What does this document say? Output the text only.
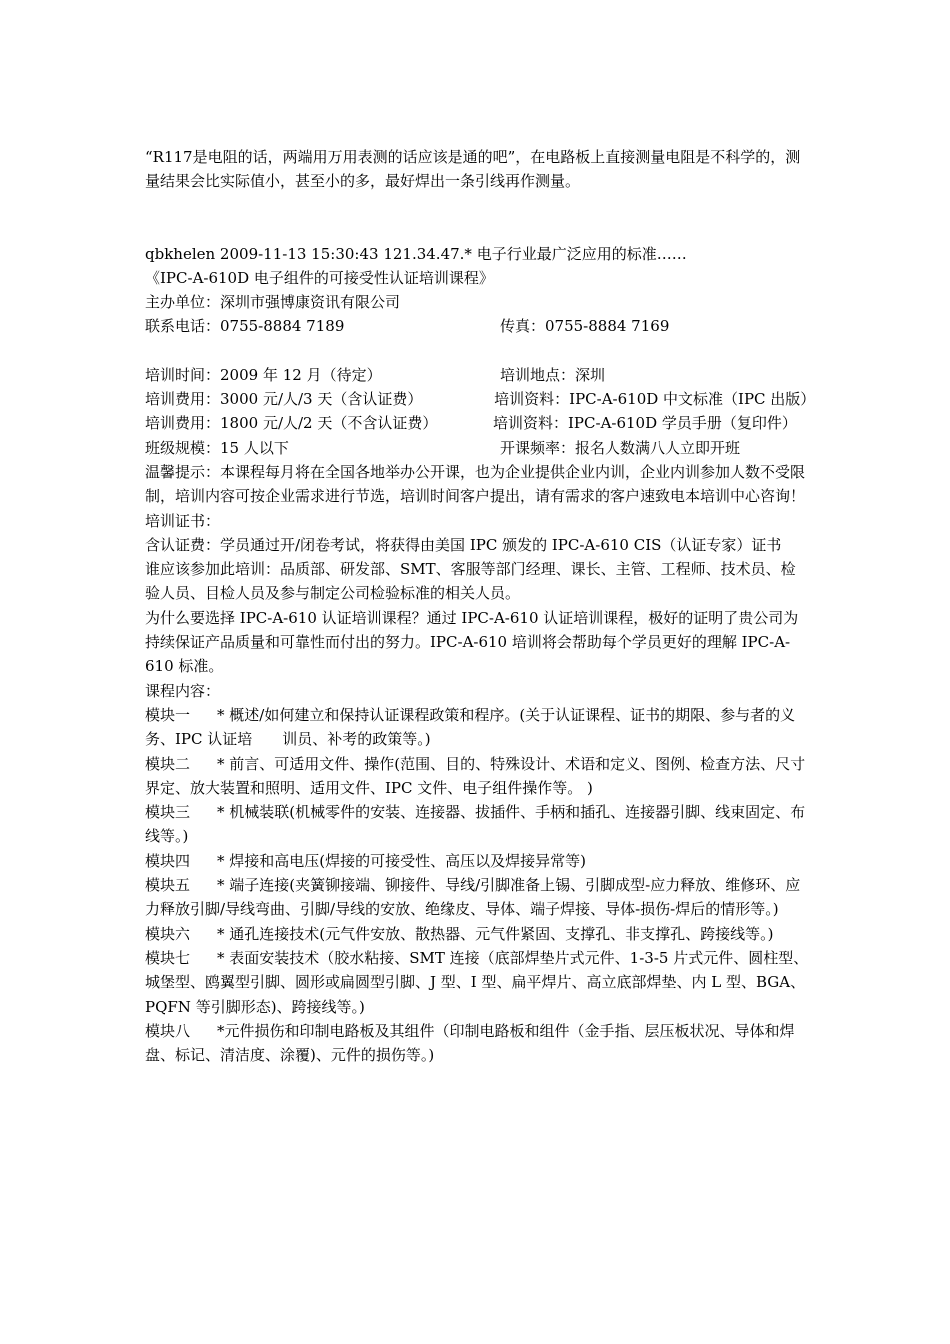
“R117是电阻的话，两端用万用表测的话应该是通的吧”，在电路板上直接测量电阻是不科学的，测量结果会比实际值小，甚至小的多，最好焊出一条引线再作测量。

qbkhelen 2009-11-13 15:30:43 121.34.47.* 电子行业最广泛应用的标准……

《IPC-A-610D 电子组件的可接受性认证培训课程》

主办单位：深圳市强博康资讯有限公司

联系电话：0755-8884 7189	传真：0755-8884 7169
培训时间：2009 年 12 月（待定）	培训地点：深圳
培训费用：3000 元/人/3 天（含认证费）	培训资料：IPC-A-610D 中文标准（IPC 出版）
培训费用：1800 元/人/2 天（不含认证费）	培训资料：IPC-A-610D 学员手册（复印件）
班级规模：15 人以下	开课频率：报名人数满八人立即开班

温馨提示：本课程每月将在全国各地举办公开课，也为企业提供企业内训，企业内训参加人数不受限制，培训内容可按企业需求进行节选，培训时间客户提出，请有需求的客户速致电本培训中心咨询！

培训证书：

含认证费：学员通过开/闭卷考试，将获得由美国 IPC 颁发的 IPC-A-610 CIS（认证专家）证书

谁应该参加此培训：品质部、研发部、SMT、客服等部门经理、课长、主管、工程师、技术员、检验人员、目检人员及参与制定公司检验标准的相关人员。

为什么要选择 IPC-A-610 认证培训课程？通过 IPC-A-610 认证培训课程，极好的证明了贵公司为持续保证产品质量和可靠性而付出的努力。IPC-A-610 培训将会帮助每个学员更好的理解 IPC-A-610 标准。

课程内容：

模块一 * 概述/如何建立和保持认证课程政策和程序。(关于认证课程、证书的期限、参与者的义务、IPC 认证培　　训员、补考的政策等。)

模块二 * 前言、可适用文件、操作(范围、目的、特殊设计、术语和定义、图例、检查方法、尺寸界定、放大装置和照明、适用文件、IPC 文件、电子组件操作等。 )

模块三 * 机械装联(机械零件的安装、连接器、拔插件、手柄和插孔、连接器引脚、线束固定、布线等。)

模块四 * 焊接和高电压(焊接的可接受性、高压以及焊接异常等)

模块五 * 端子连接(夹簧铆接端、铆接件、导线/引脚准备上锡、引脚成型-应力释放、维修环、应力释放引脚/导线弯曲、引脚/导线的安放、绝缘皮、导体、端子焊接、导体-损伤-焊后的情形等。)

模块六 * 通孔连接技术(元气件安放、散热器、元气件紧固、支撑孔、非支撑孔、跨接线等。)

模块七 * 表面安装技术（胶水粘接、SMT 连接（底部焊垫片式元件、1-3-5 片式元件、圆柱型、城堡型、鸥翼型引脚、圆形或扁圆型引脚、J 型、I 型、扁平焊片、高立底部焊垫、内 L 型、BGA、PQFN 等引脚形态)、跨接线等。)

模块八 *元件损伤和印制电路板及其组件（印制电路板和组件（金手指、层压板状况、导体和焊盘、标记、清洁度、涂覆)、元件的损伤等。)
